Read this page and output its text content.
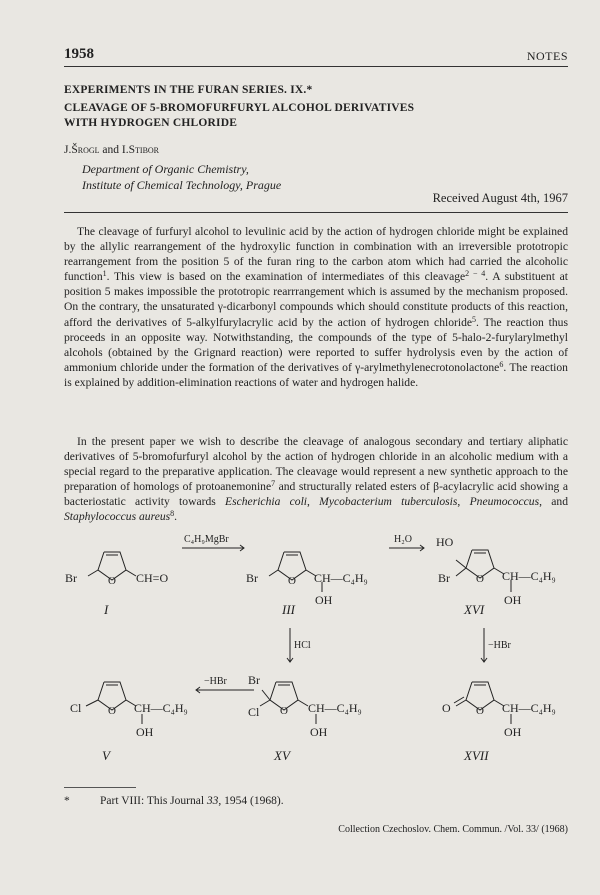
1958	NOTES
EXPERIMENTS IN THE FURAN SERIES. IX.*
CLEAVAGE OF 5-BROMOFURFURYL ALCOHOL DERIVATIVES
WITH HYDROGEN CHLORIDE
J.Šrogl and I.Stibor
Department of Organic Chemistry,
Institute of Chemical Technology, Prague
Received August 4th, 1967
The cleavage of furfuryl alcohol to levulinic acid by the action of hydrogen chloride might be explained by the allylic rearrangement of the hydroxylic function in combination with an irreversible prototropic rearrangement from the position 5 of the furan ring to the carbon atom which had carried the alcoholic function$^1$. This view is based on the examination of intermediates of this cleavage$^{2 - 4}$. A substituent at position 5 makes impossible the prototropic rearrrangement which is assumed by the mechanism proposed. On the contrary, the unsaturated γ-dicarbonyl compounds which should constitute products of this reaction, afford the derivatives of 5-alkylfurylacrylic acid by the action of hydrogen chloride$^5$. The reaction thus proceeds in an opposite way. Notwithstanding, the compounds of the type of 5-halo-2-furylarylmethyl alcohols (obtained by the Grignard reaction) were reported to suffer hydrolysis even by the action of ammonium chloride under the formation of the derivatives of γ-arylmethylenecrotonolactone$^6$. The reaction is explained by addition-elimination reactions of water and hydrogen halide.
In the present paper we wish to describe the cleavage of analogous secondary and tertiary aliphatic derivatives of 5-bromofurfuryl alcohol by the action of hydrogen chloride in an alcoholic medium with a special regard to the preparative application. The cleavage would represent a new synthetic approach to the preparation of homologs of protoanemonine$^7$ and structurally related esters of β-acylacrylic acid showing a bacteriostatic activity towards Escherichia coli, Mycobacterium tuberculosis, Pneumococcus, and Staphylococcus aureus$^8$.
Br	O CH=O
I
C₄H₉MgBr
Br	O CH—C₄H₉
OH
III
H₂O HO
Br O CH—C₄H₉
OH
XVI
HCl	−HBr
Cl O CH—C₄H₉
OH
V
−HBr Br
Cl O CH—C₄H₉
OH
XV
O O CH—C₄H₉
OH
XVII
*	Part VIII: This Journal 33, 1954 (1968).
Collection Czechoslov. Chem. Commun. /Vol. 33/ (1968)
